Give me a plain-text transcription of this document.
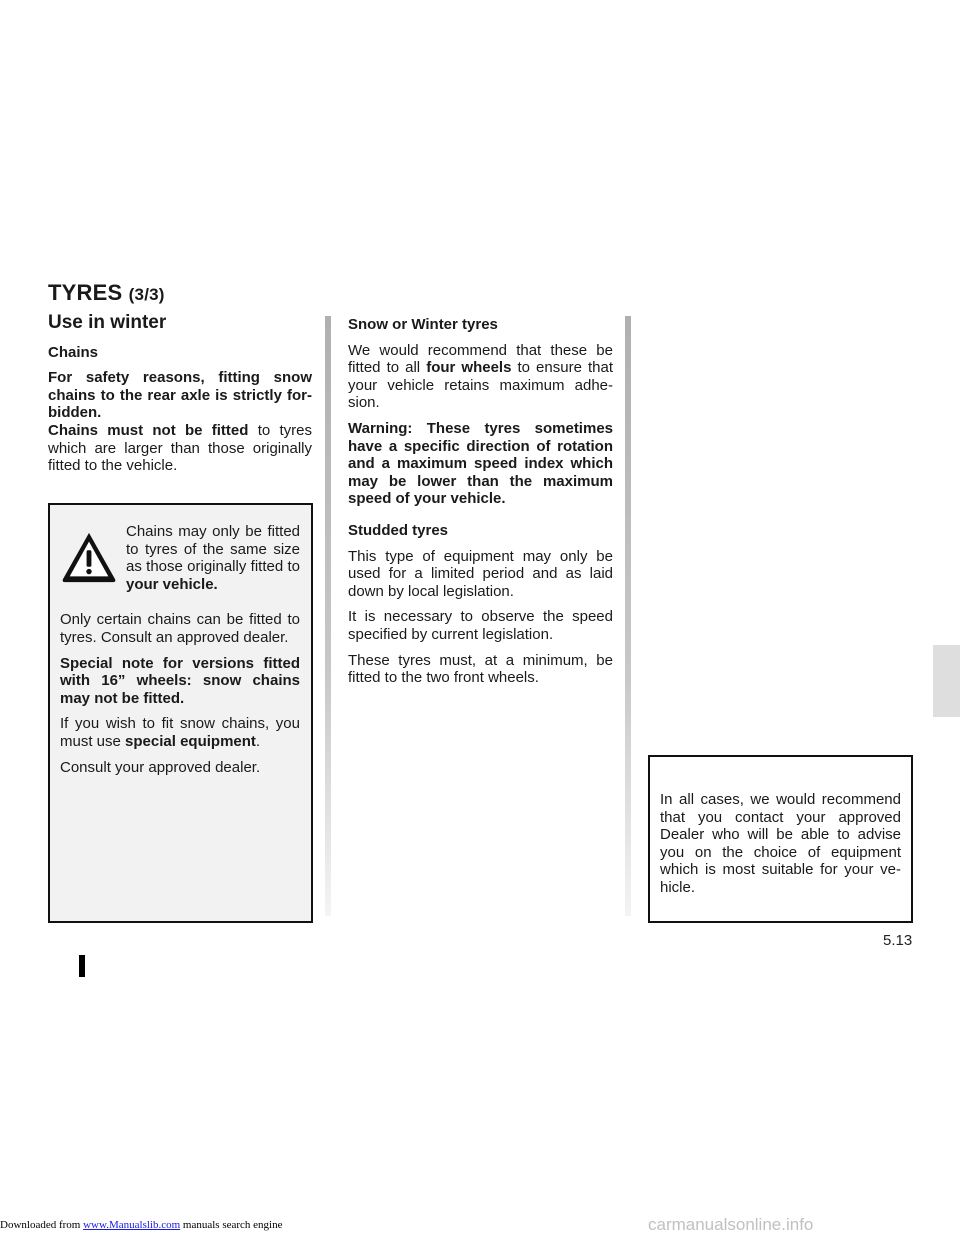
TYRES (3/3)
Use in winter

Chains

For safety reasons, fitting snow chains to the rear axle is strictly for-bidden.

Chains must not be fitted to tyres which are larger than those originally fitted to the vehicle.

Chains may only be fitted to tyres of the same size as those originally fitted to your vehicle.

Only certain chains can be fitted to tyres. Consult an approved dealer.

Special note for versions fitted with 16” wheels: snow chains may not be fitted.

If you wish to fit snow chains, you must use special equipment.

Consult your approved dealer.

Snow or Winter tyres

We would recommend that these be fitted to all four wheels to ensure that your vehicle retains maximum adhe-sion.

Warning: These tyres sometimes have a specific direction of rotation and a maximum speed index which may be lower than the maximum speed of your vehicle.

Studded tyres

This type of equipment may only be used for a limited period and as laid down by local legislation.

It is necessary to observe the speed specified by current legislation.

These tyres must, at a minimum, be fitted to the two front wheels.

In all cases, we would recommend that you contact your approved Dealer who will be able to advise you on the choice of equipment which is most suitable for your ve-hicle.

5.13
Downloaded from www.Manualslib.com manuals search engine	carmanualsonline.info
